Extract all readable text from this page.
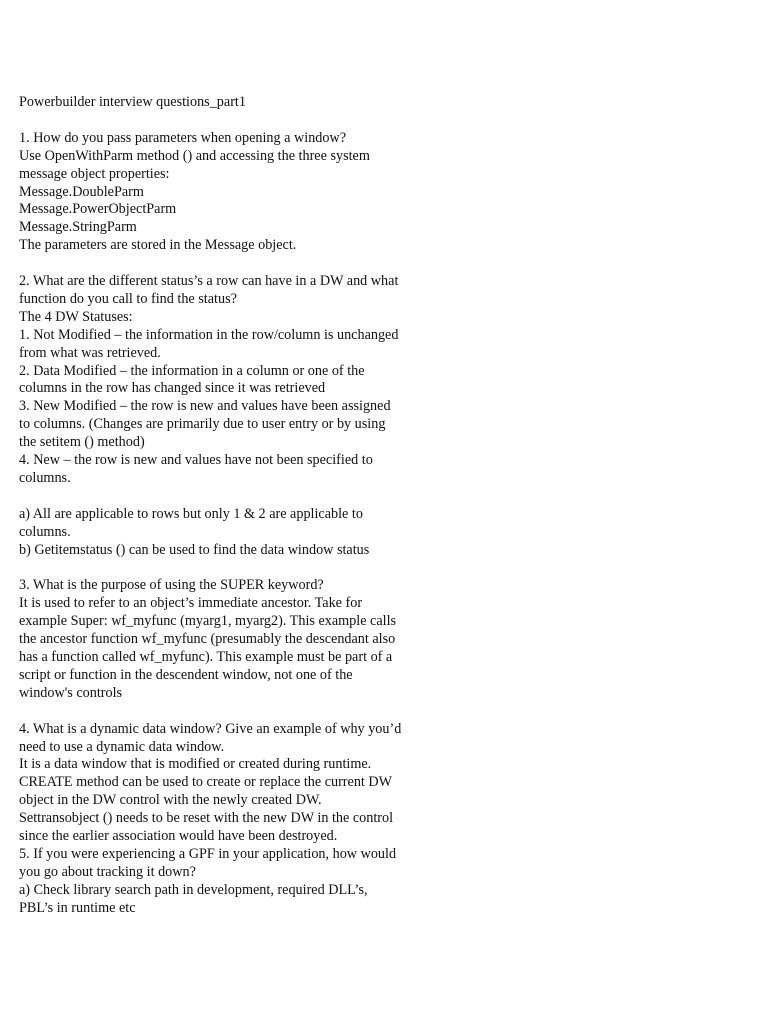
Powerbuilder interview questions_part1
1. How do you pass parameters when opening a window?
Use OpenWithParm method () and accessing the three system
message object properties:
Message.DoubleParm
Message.PowerObjectParm
Message.StringParm
The parameters are stored in the Message object.
2. What are the different status’s a row can have in a DW and what
function do you call to find the status?
The 4 DW Statuses:
1. Not Modified – the information in the row/column is unchanged
from what was retrieved.
2. Data Modified – the information in a column or one of the
columns in the row has changed since it was retrieved
3. New Modified – the row is new and values have been assigned
to columns. (Changes are primarily due to user entry or by using
the setitem () method)
4. New – the row is new and values have not been specified to
columns.
a) All are applicable to rows but only 1 & 2 are applicable to
columns.
b) Getitemstatus () can be used to find the data window status
3. What is the purpose of using the SUPER keyword?
It is used to refer to an object’s immediate ancestor. Take for
example Super: wf_myfunc (myarg1, myarg2). This example calls
the ancestor function wf_myfunc (presumably the descendant also
has a function called wf_myfunc). This example must be part of a
script or function in the descendent window, not one of the
window's controls
4. What is a dynamic data window? Give an example of why you’d
need to use a dynamic data window.
It is a data window that is modified or created during runtime.
CREATE method can be used to create or replace the current DW
object in the DW control with the newly created DW.
Settransobject () needs to be reset with the new DW in the control
since the earlier association would have been destroyed.
5. If you were experiencing a GPF in your application, how would
you go about tracking it down?
a) Check library search path in development, required DLL’s,
PBL’s in runtime etc
